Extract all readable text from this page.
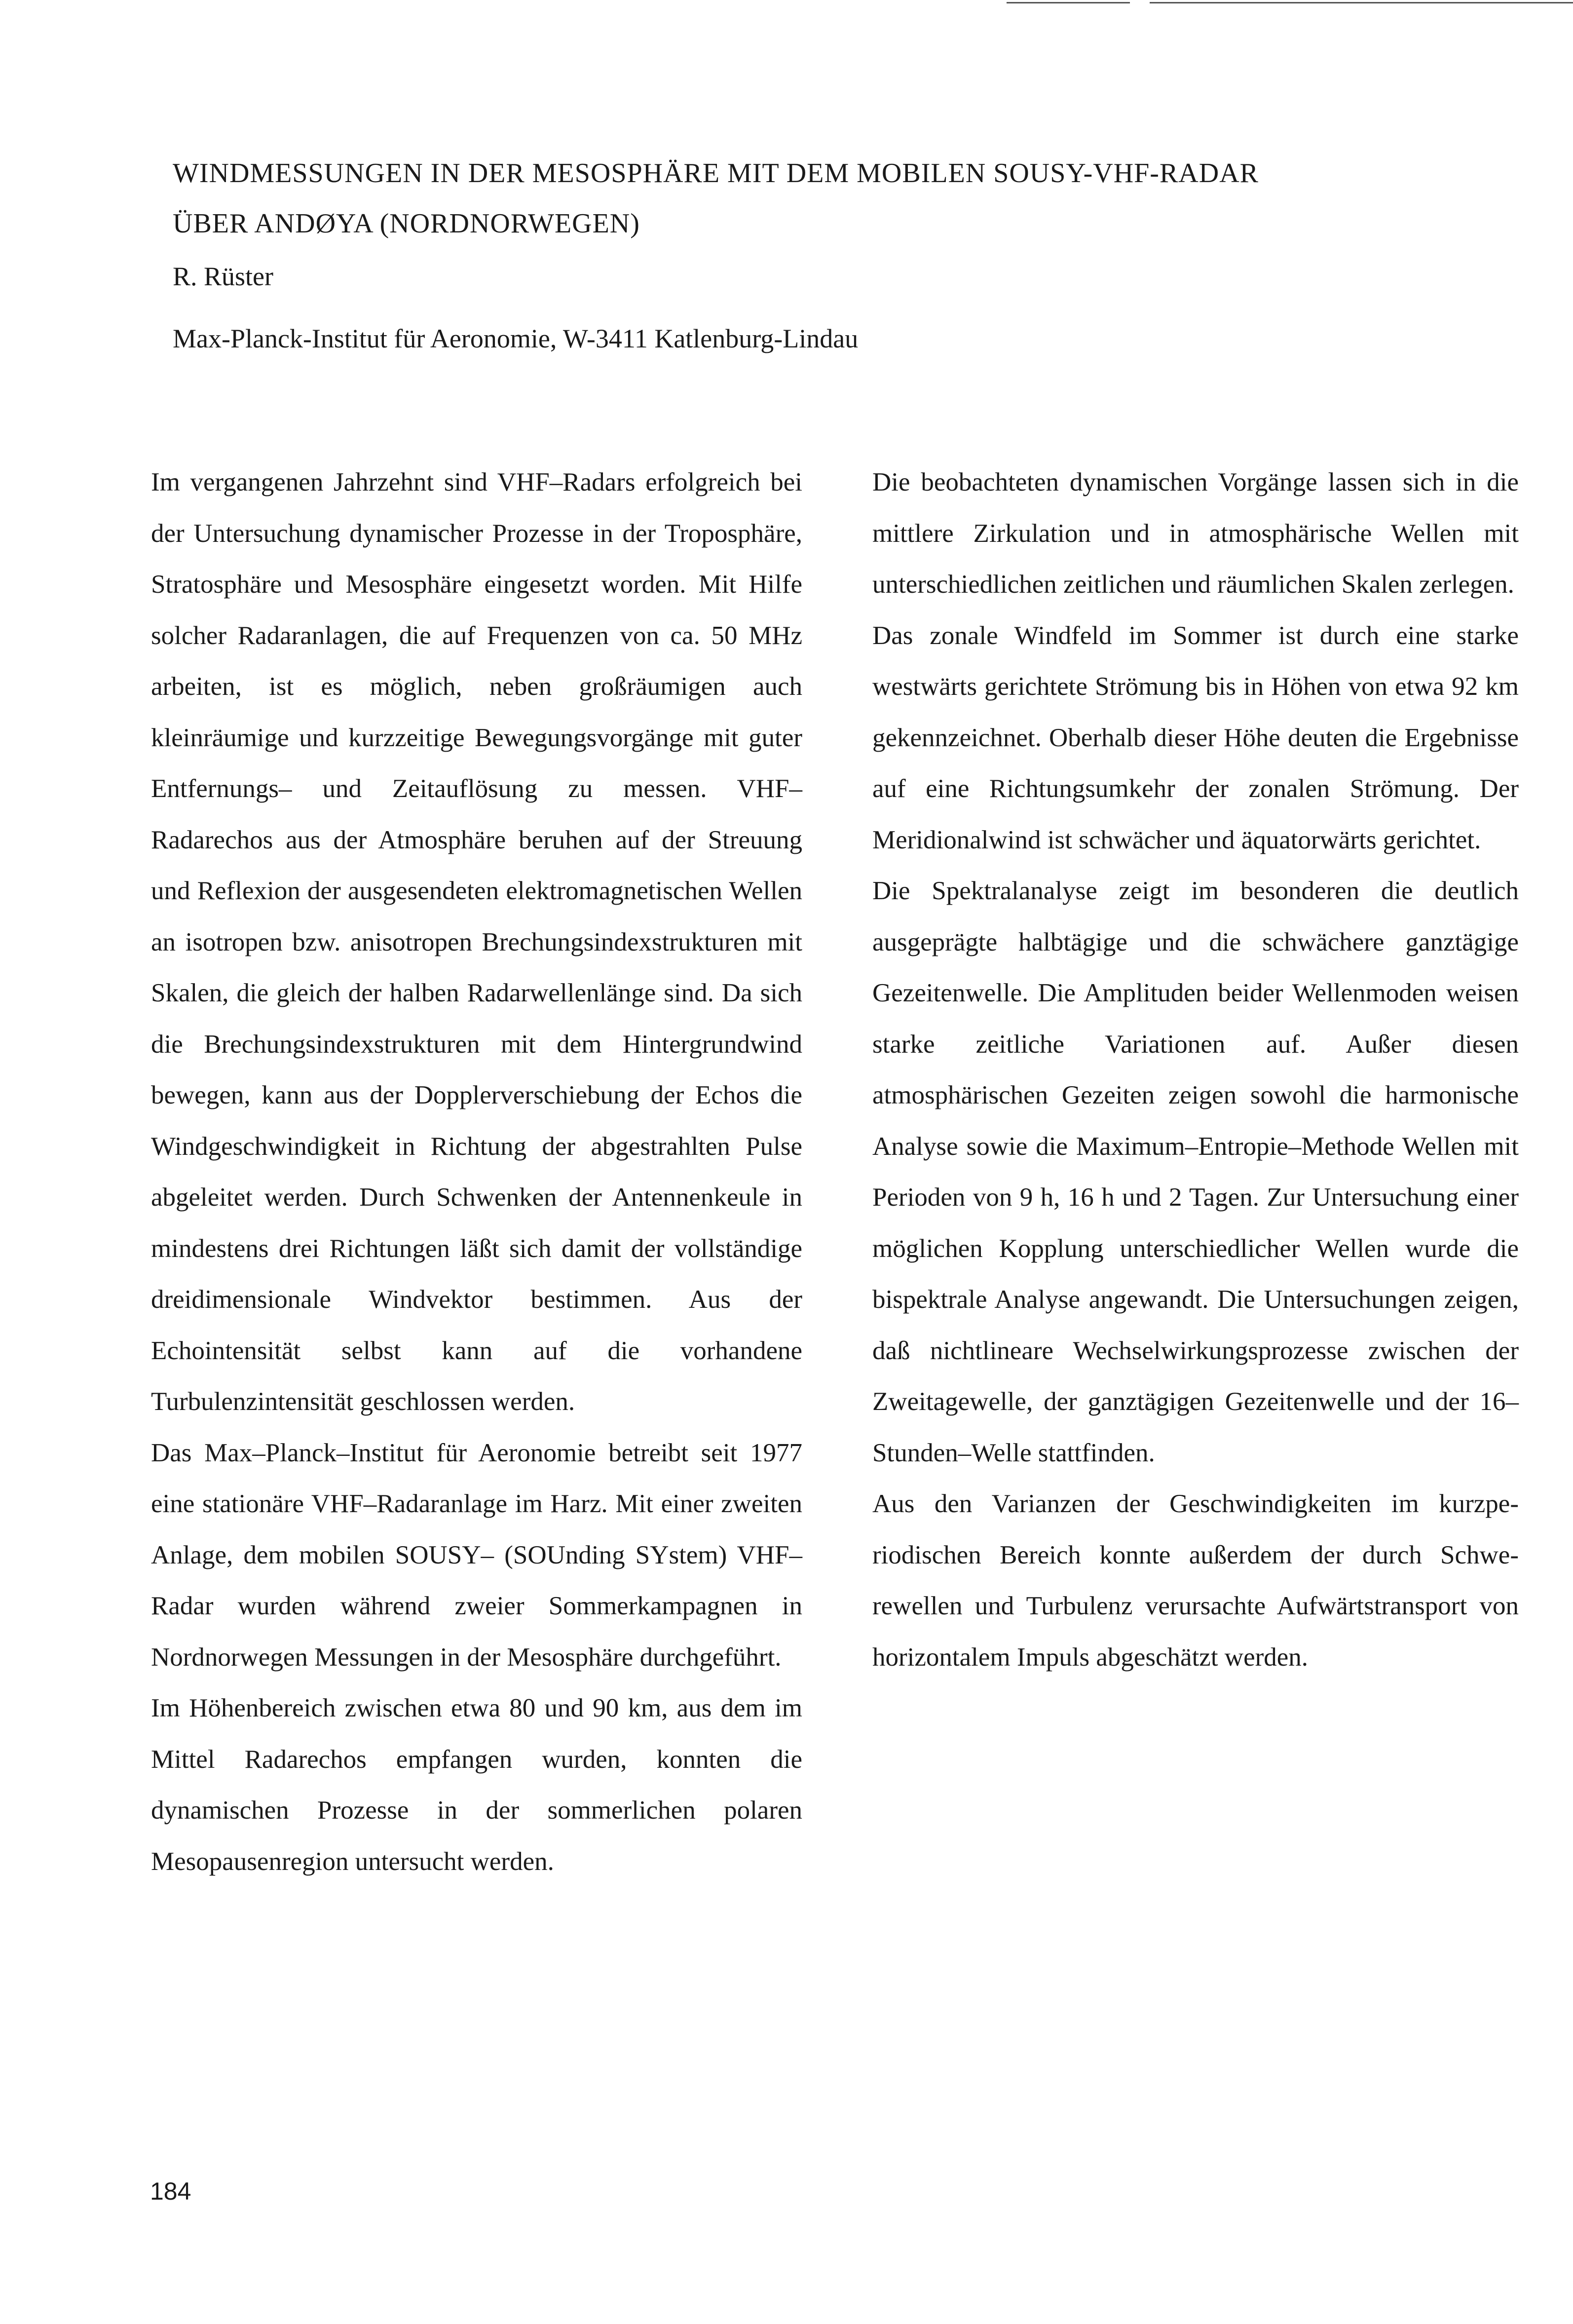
WINDMESSUNGEN IN DER MESOSPHÄRE MIT DEM MOBILEN SOUSY-VHF-RADAR
ÜBER ANDØYA (NORDNORWEGEN)
R. Rüster
Max-Planck-Institut für Aeronomie, W-3411 Katlenburg-Lindau

Im vergangenen Jahrzehnt sind VHF–Radars erfolgreich bei der Untersuchung dynamischer Prozesse in der Troposphäre, Stratosphäre und Mesosphäre eingesetzt worden. Mit Hilfe solcher Radaranlagen, die auf Frequenzen von ca. 50 MHz arbeiten, ist es möglich, neben großräumigen auch kleinräumige und kurzzeitige Bewegungsvorgänge mit guter Entfernungs– und Zeitauflösung zu messen. VHF–Radarechos aus der Atmosphäre beruhen auf der Streuung und Reflexion der ausgesendeten elektromagnetischen Wellen an isotropen bzw. anisotropen Brechungsindexstrukturen mit Skalen, die gleich der halben Radarwellenlänge sind. Da sich die Brechungsindexstrukturen mit dem Hintergrundwind bewegen, kann aus der Dopplerverschiebung der Echos die Windgeschwindigkeit in Richtung der abgestrahlten Pulse abgeleitet werden. Durch Schwenken der Antennenkeule in mindestens drei Richtungen läßt sich damit der vollständige dreidimensionale Windvektor bestimmen. Aus der Echointensität selbst kann auf die vorhandene Turbulenzintensität geschlossen werden.

Das Max–Planck–Institut für Aeronomie betreibt seit 1977 eine stationäre VHF–Radaranlage im Harz. Mit einer zweiten Anlage, dem mobilen SOUSY– (SOUnding SYstem) VHF–Radar wurden während zweier Sommerkampagnen in Nordnorwegen Messungen in der Mesosphäre durchgeführt.

Im Höhenbereich zwischen etwa 80 und 90 km, aus dem im Mittel Radarechos empfangen wurden, konnten die dynamischen Prozesse in der sommerlichen polaren Mesopausenregion untersucht werden.

Die beobachteten dynamischen Vorgänge lassen sich in die mittlere Zirkulation und in atmosphärische Wellen mit unterschiedlichen zeitlichen und räumlichen Skalen zerlegen.

Das zonale Windfeld im Sommer ist durch eine starke westwärts gerichtete Strömung bis in Höhen von etwa 92 km gekennzeichnet. Oberhalb dieser Höhe deuten die Ergebnisse auf eine Richtungsumkehr der zonalen Strömung. Der Meridionalwind ist schwächer und äquatorwärts gerichtet.

Die Spektralanalyse zeigt im besonderen die deutlich ausgeprägte halbtägige und die schwächere ganztägige Gezeitenwelle. Die Amplituden beider Wellenmoden weisen starke zeitliche Variationen auf. Außer diesen atmosphärischen Gezeiten zeigen sowohl die harmonische Analyse sowie die Maximum–Entropie–Methode Wellen mit Perioden von 9 h, 16 h und 2 Tagen. Zur Untersuchung einer möglichen Kopplung unterschiedlicher Wellen wurde die bispektrale Analyse angewandt. Die Untersuchungen zeigen, daß nichtlineare Wechselwirkungsprozesse zwischen der Zweitagewelle, der ganztägigen Gezeitenwelle und der 16–Stunden–Welle stattfinden.

Aus den Varianzen der Geschwindigkeiten im kurzperiodischen Bereich konnte außerdem der durch Schwerewellen und Turbulenz verursachte Aufwärtstransport von horizontalem Impuls abgeschätzt werden.

184
